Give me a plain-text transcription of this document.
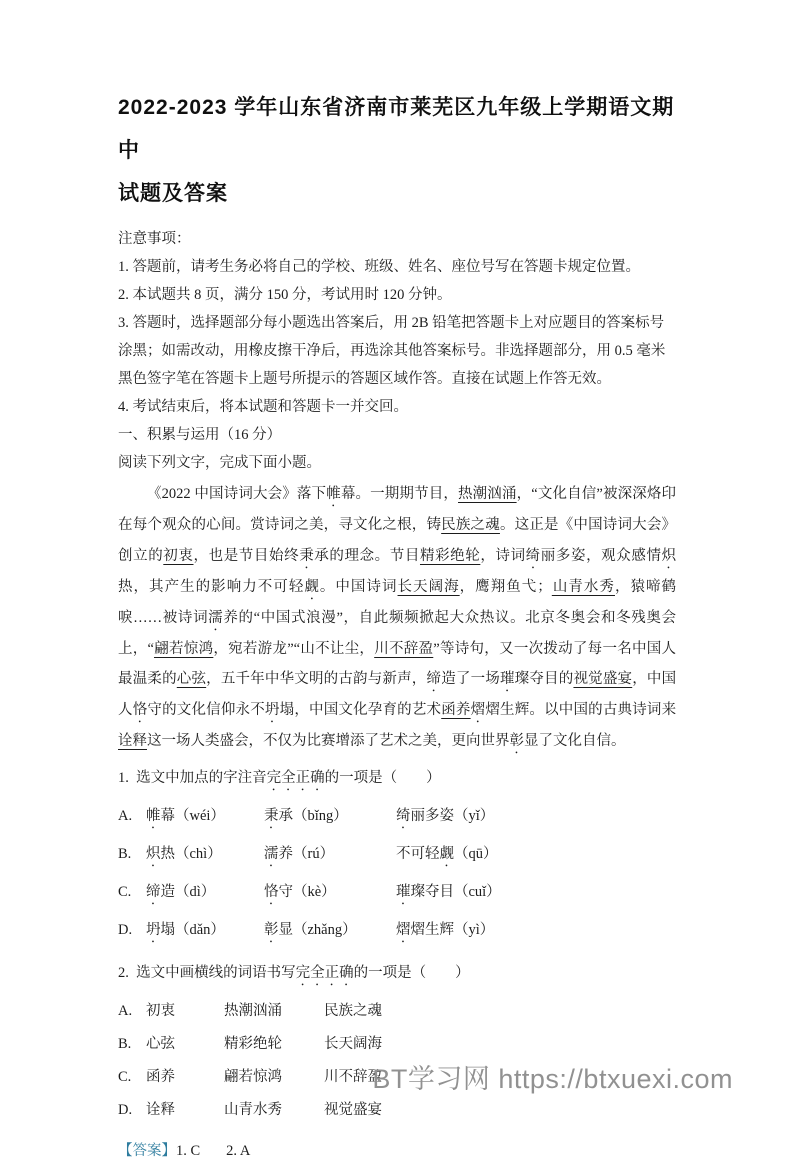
2022-2023 学年山东省济南市莱芜区九年级上学期语文期中
试题及答案

注意事项：

1. 答题前，请考生务必将自己的学校、班级、姓名、座位号写在答题卡规定位置。

2. 本试题共 8 页，满分 150 分，考试用时 120 分钟。

3. 答题时，选择题部分每小题选出答案后，用 2B 铅笔把答题卡上对应题目的答案标号涂黑；如需改动，用橡皮擦干净后，再选涂其他答案标号。非选择题部分，用 0.5 毫米黑色签字笔在答题卡上题号所提示的答题区域作答。直接在试题上作答无效。

4. 考试结束后，将本试题和答题卡一并交回。

一、积累与运用（16 分）

阅读下列文字，完成下面小题。

《2022 中国诗词大会》落下帷幕。一期期节目，热潮汹涌，“文化自信”被深深烙印在每个观众的心间。赏诗词之美，寻文化之根，铸民族之魂。这正是《中国诗词大会》创立的初衷，也是节目始终秉承的理念。节目精彩绝轮，诗词绮丽多姿，观众感情炽热，其产生的影响力不可轻觑。中国诗词长天阔海，鹰翔鱼弋；山青水秀，猿啼鹤唳……被诗词濡养的“中国式浪漫”，自此频频掀起大众热议。北京冬奥会和冬残奥会上，“翩若惊鸿，宛若游龙”“山不让尘，川不辞盈”等诗句，又一次拨动了每一名中国人最温柔的心弦，五千年中华文明的古韵与新声，缔造了一场璀璨夺目的视觉盛宴，中国人恪守的文化信仰永不坍塌，中国文化孕育的艺术函养熠熠生辉。以中国的古典诗词来诠释这一场人类盛会，不仅为比赛增添了艺术之美，更向世界彰显了文化自信。

1.  选文中加点的字注音完全正确的一项是（　　）

A. 帷幕（wéi）	秉承（bǐng）	绮丽多姿（yǐ）
B.	炽热（chì）	濡养（rú）	不可轻觑（qū）
C.	缔造（dì）	恪守（kè）	璀璨夺目（cuǐ）
D. 坍塌（dǎn）	彰显（zhǎng）	熠熠生辉（yì）

2.  选文中画横线的词语书写完全正确的一项是（　　）

A. 初衷	热潮汹涌	民族之魂
B.	心弦	精彩绝轮	长天阔海
C.	函养	翩若惊鸿	川不辞盈
D. 诠释	山青水秀	视觉盛宴

【答案】1. C 2. A

BT学习网 https://btxuexi.com
